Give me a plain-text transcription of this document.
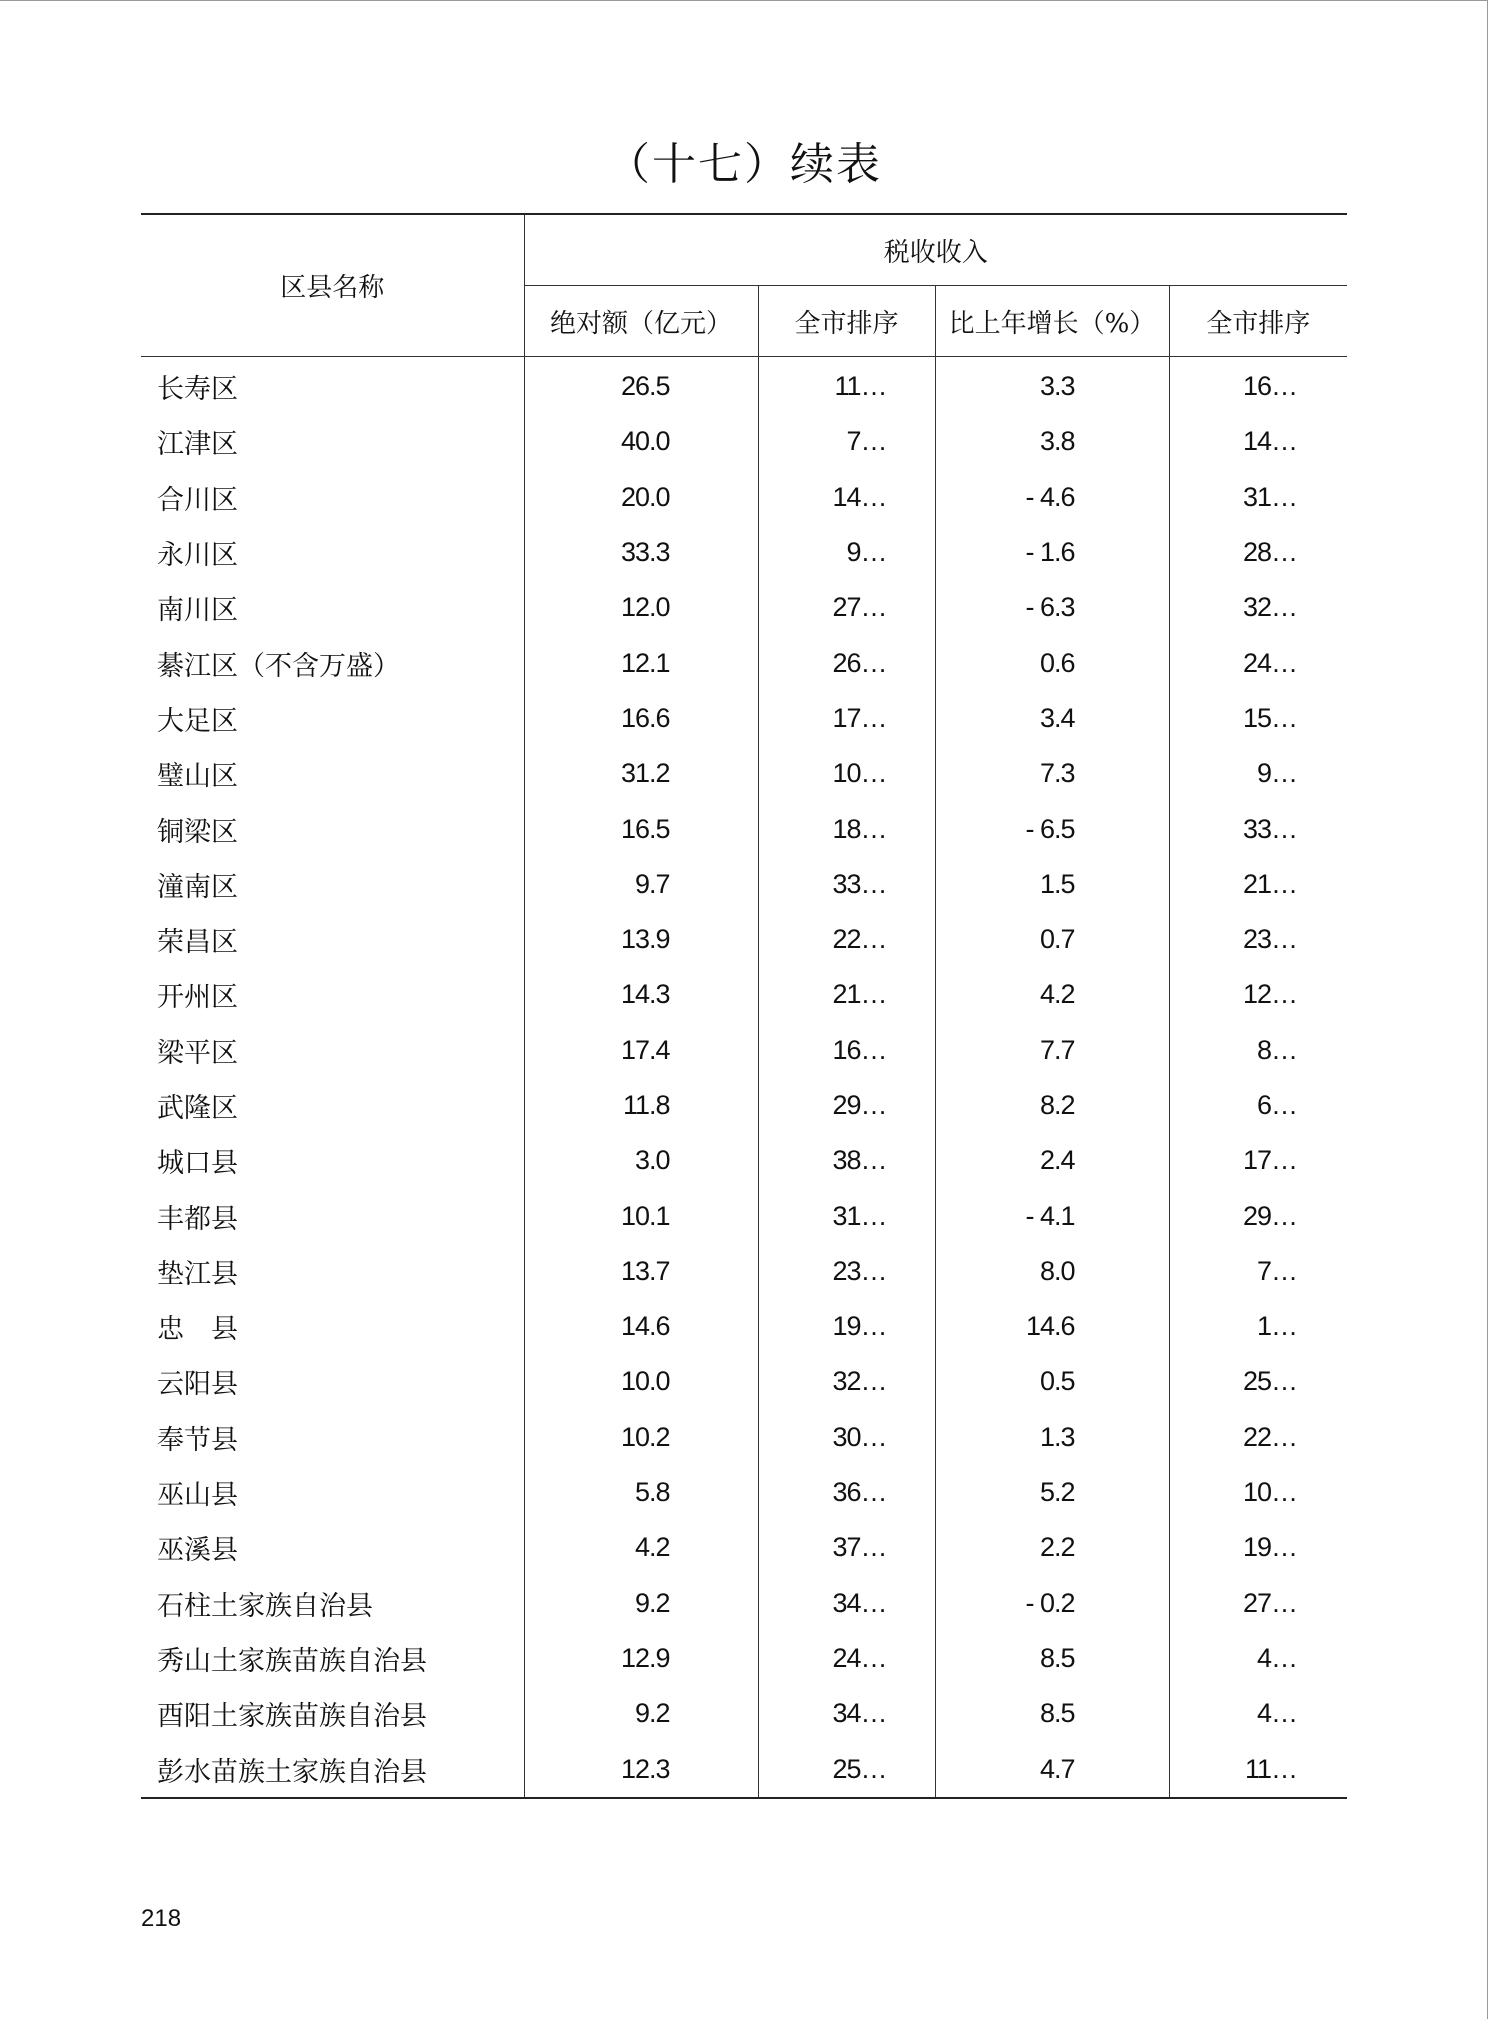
（十七）续表
区县名称	税收收入			
	绝对额（亿元）	全市排序	比上年增长（%）	全市排序
长寿区	26.5	11…	3.3	16…
江津区	40.0	7…	3.8	14…
合川区	20.0	14…	- 4.6	31…
永川区	33.3	9…	- 1.6	28…
南川区	12.0	27…	- 6.3	32…
綦江区（不含万盛）	12.1	26…	0.6	24…
大足区	16.6	17…	3.4	15…
璧山区	31.2	10…	7.3	9…
铜梁区	16.5	18…	- 6.5	33…
潼南区	9.7	33…	1.5	21…
荣昌区	13.9	22…	0.7	23…
开州区	14.3	21…	4.2	12…
梁平区	17.4	16…	7.7	8…
武隆区	11.8	29…	8.2	6…
城口县	3.0	38…	2.4	17…
丰都县	10.1	31…	- 4.1	29…
垫江县	13.7	23…	8.0	7…
忠　县	14.6	19…	14.6	1…
云阳县	10.0	32…	0.5	25…
奉节县	10.2	30…	1.3	22…
巫山县	5.8	36…	5.2	10…
巫溪县	4.2	37…	2.2	19…
石柱土家族自治县	9.2	34…	- 0.2	27…
秀山土家族苗族自治县	12.9	24…	8.5	4…
酉阳土家族苗族自治县	9.2	34…	8.5	4…
彭水苗族土家族自治县	12.3	25…	4.7	11…
218
